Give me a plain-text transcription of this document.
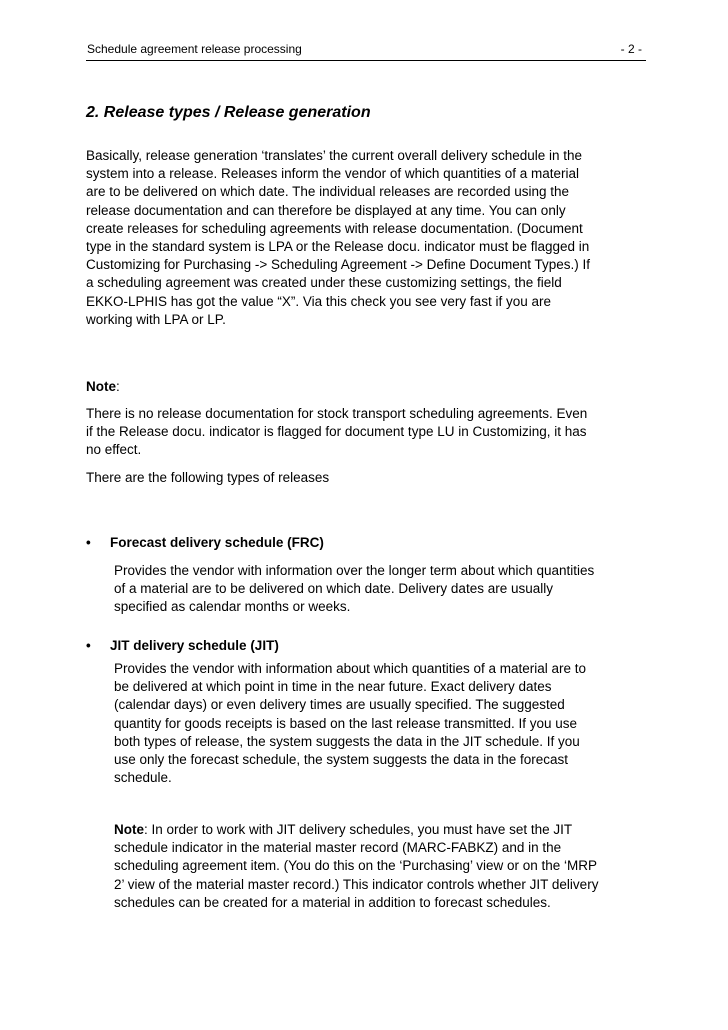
Schedule agreement release processing	- 2 -
2. Release types / Release generation
Basically, release generation ‘translates’ the current overall delivery schedule in the
system into a release. Releases inform the vendor of which quantities of a material
are to be delivered on which date. The individual releases are recorded using the
release documentation and can therefore be displayed at any time. You can only
create releases for scheduling agreements with release documentation. (Document
type in the standard system is LPA or the Release docu. indicator must be flagged in
Customizing for Purchasing -> Scheduling Agreement -> Define Document Types.) If
a scheduling agreement was created under these customizing settings, the field
EKKO-LPHIS has got the value “X”. Via this check you see very fast if you are
working with LPA or LP.
Note:
There is no release documentation for stock transport scheduling agreements. Even
if the Release docu. indicator is flagged for document type LU in Customizing, it has
no effect.
There are the following types of releases
• Forecast delivery schedule (FRC)
Provides the vendor with information over the longer term about which quantities
of a material are to be delivered on which date. Delivery dates are usually
specified as calendar months or weeks.
• JIT delivery schedule (JIT)
Provides the vendor with information about which quantities of a material are to
be delivered at which point in time in the near future. Exact delivery dates
(calendar days) or even delivery times are usually specified. The suggested
quantity for goods receipts is based on the last release transmitted. If you use
both types of release, the system suggests the data in the JIT schedule. If you
use only the forecast schedule, the system suggests the data in the forecast
schedule.
Note: In order to work with JIT delivery schedules, you must have set the JIT
schedule indicator in the material master record (MARC-FABKZ) and in the
scheduling agreement item. (You do this on the ‘Purchasing’ view or on the ‘MRP
2’ view of the material master record.) This indicator controls whether JIT delivery
schedules can be created for a material in addition to forecast schedules.
